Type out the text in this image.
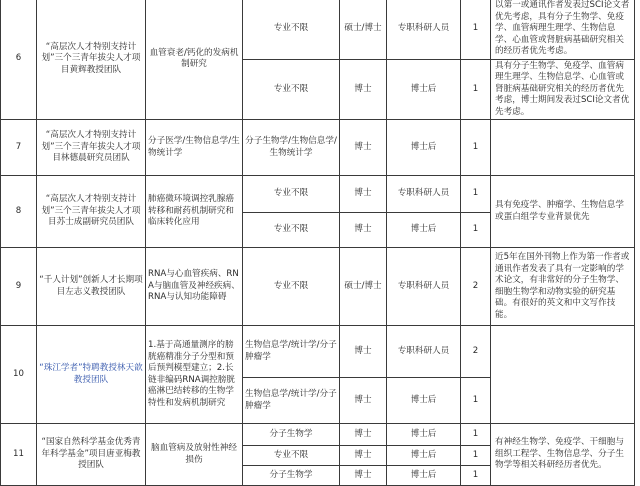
6	“高层次人才特别支持计划”三个三青年拔尖人才项目黄辉教授团队	血管衰老/钙化的发病机制研究	专业不限	硕士/博士	专职科研人员	1	以第一或通讯作者发表过SCI论文者优先考虑，具有分子生物学、免疫学、血管病理生理学、生物信息学、心血管或肾脏病基础研究相关的经历者优先考虑。
			专业不限	博士	博士后	1	具有分子生物学、免疫学、血管病理生理学、生物信息学、心血管或肾脏病基础研究相关的经历者优先考虑，博士期间发表过SCI论文者优先考虑。
7	“高层次人才特别支持计划”三个三青年拔尖人才项目林德晨研究员团队	分子医学/生物信息学/生物统计学	分子生物学/生物信息学/生物统计学	博士	博士后	1	
8	“高层次人才特别支持计划”三个三青年拔尖人才项目苏士成副研究员团队	肺癌微环境调控乳腺癌转移和耐药机制研究和临床转化应用	专业不限	博士	专职科研人员	1	具有免疫学、肿瘤学、生物信息学或蛋白组学专业背景优先
			专业不限	博士	博士后	1	
9	“千人计划”创新人才长期项目左志义教授团队	RNA与心血管疾病、RNA与脑血管及神经疾病、RNA与认知功能障碍	专业不限	硕士/博士	专职科研人员	2	近5年在国外刊物上作为第一作者或通讯作者发表了具有一定影响的学术论文，有非常好的分子生物学、细胞生物学和动物实验的研究基础。有很好的英文和中文写作技能。
10	“珠江学者”特聘教授林天歆教授团队	1.基于高通量测序的膀胱癌精准分子分型和预后预判模型建立；2.长链非编码RNA调控膀胱癌淋巴结转移的生物学特性和发病机制研究	生物信息学/统计学/分子肿瘤学	博士	专职科研人员	2	
			生物信息学/统计学/分子肿瘤学	博士	博士后	1	
11	“国家自然科学基金优秀青年科学基金”项目唐亚梅教授团队	脑血管病及放射性神经损伤	分子生物学	博士	博士后	1	有神经生物学、免疫学、干细胞与组织工程学、生物信息学、分子生物学等相关科研经历者优先。
			专业不限	博士	博士后	1	
			分子生物学	博士	博士后	1	
